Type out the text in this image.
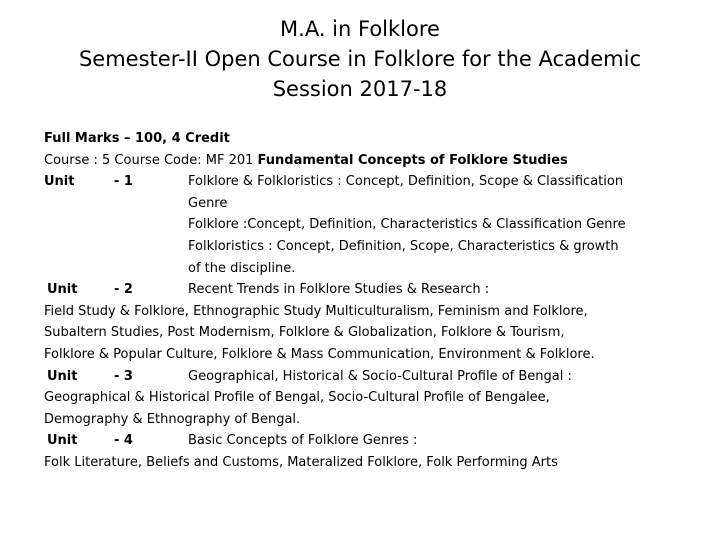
M.A. in Folklore
Semester-II Open Course in Folklore for the Academic
Session 2017-18
Full Marks – 100, 4 Credit
Course : 5 Course Code: MF 201 Fundamental Concepts of Folklore Studies
Unit	- 1	Folklore & Folkloristics : Concept, Definition, Scope & Classification
Genre
Folklore :Concept, Definition, Characteristics & Classification Genre
Folkloristics : Concept, Definition, Scope, Characteristics & growth
of the discipline.
Unit	- 2	Recent Trends in Folklore Studies & Research :
Field Study & Folklore, Ethnographic Study Multiculturalism, Feminism and Folklore,
Subaltern Studies, Post Modernism, Folklore & Globalization, Folklore & Tourism,
Folklore & Popular Culture, Folklore & Mass Communication, Environment & Folklore.
Unit	- 3	Geographical, Historical & Socio-Cultural Profile of Bengal :
Geographical & Historical Profile of Bengal, Socio-Cultural Profile of Bengalee,
Demography & Ethnography of Bengal.
Unit	- 4	Basic Concepts of Folklore Genres :
Folk Literature, Beliefs and Customs, Materalized Folklore, Folk Performing Arts
